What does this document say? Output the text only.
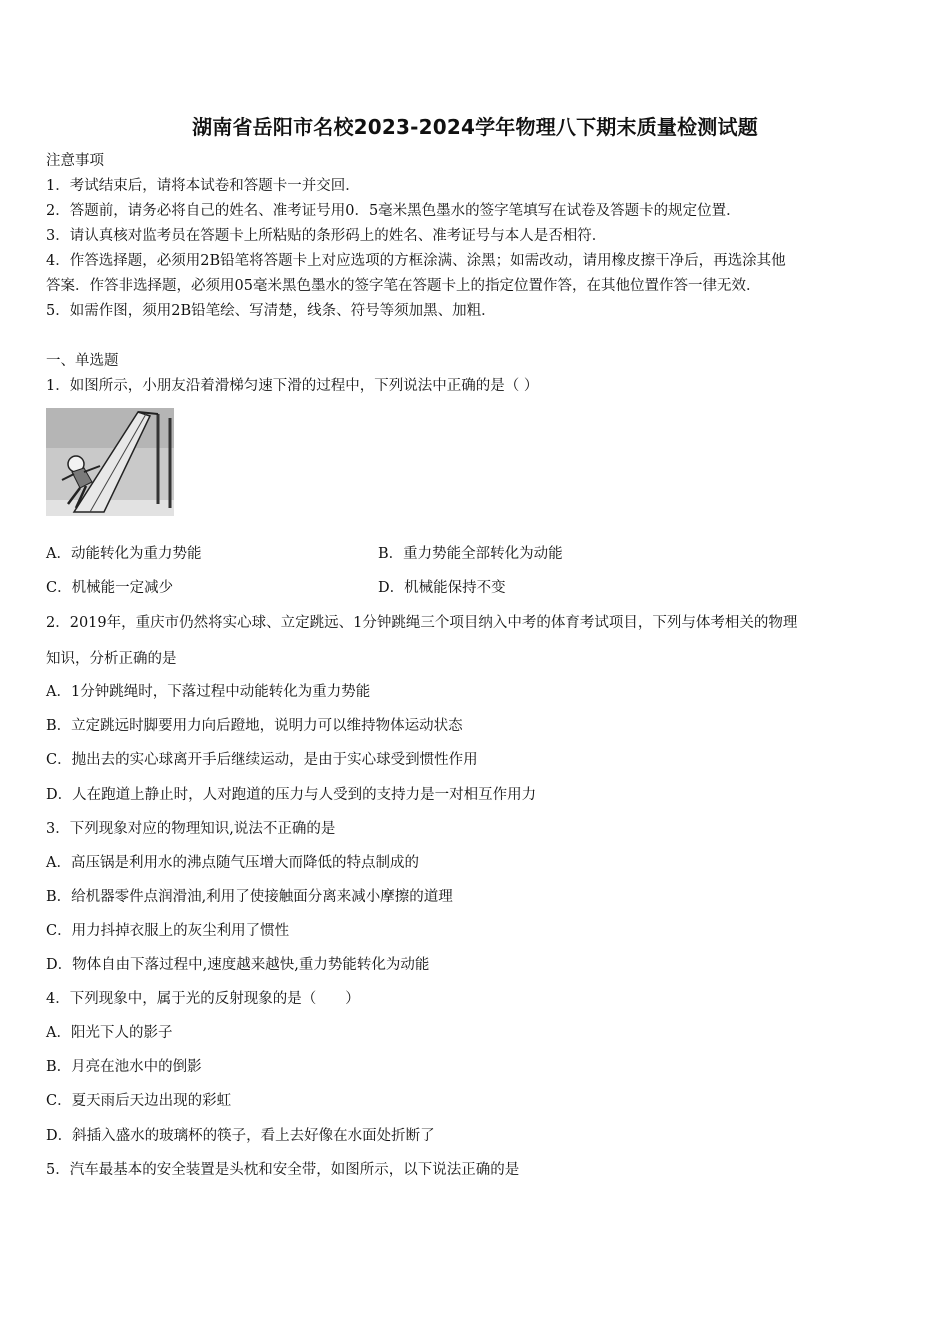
湖南省岳阳市名校2023-2024学年物理八下期末质量检测试题
注意事项
1．考试结束后，请将本试卷和答题卡一并交回．
2．答题前，请务必将自己的姓名、准考证号用0．5毫米黑色墨水的签字笔填写在试卷及答题卡的规定位置．
3．请认真核对监考员在答题卡上所粘贴的条形码上的姓名、准考证号与本人是否相符．
4．作答选择题，必须用2B铅笔将答题卡上对应选项的方框涂满、涂黑；如需改动，请用橡皮擦干净后，再选涂其他
答案．作答非选择题，必须用05毫米黑色墨水的签字笔在答题卡上的指定位置作答，在其他位置作答一律无效．
5．如需作图，须用2B铅笔绘、写清楚，线条、符号等须加黑、加粗．
一、单选题
1．如图所示，小朋友沿着滑梯匀速下滑的过程中，下列说法中正确的是（ ）
A．动能转化为重力势能	B．重力势能全部转化为动能
C．机械能一定减少	D．机械能保持不变
2．2019年，重庆市仍然将实心球、立定跳远、1分钟跳绳三个项目纳入中考的体育考试项目，下列与体考相关的物理
知识，分析正确的是
A．1分钟跳绳时，下落过程中动能转化为重力势能
B．立定跳远时脚要用力向后蹬地，说明力可以维持物体运动状态
C．抛出去的实心球离开手后继续运动，是由于实心球受到惯性作用
D．人在跑道上静止时，人对跑道的压力与人受到的支持力是一对相互作用力
3．下列现象对应的物理知识,说法不正确的是
A．高压锅是利用水的沸点随气压增大而降低的特点制成的
B．给机器零件点润滑油,利用了使接触面分离来减小摩擦的道理
C．用力抖掉衣服上的灰尘利用了惯性
D．物体自由下落过程中,速度越来越快,重力势能转化为动能
4．下列现象中，属于光的反射现象的是（　　）
A．阳光下人的影子
B．月亮在池水中的倒影
C．夏天雨后天边出现的彩虹
D．斜插入盛水的玻璃杯的筷子，看上去好像在水面处折断了
5．汽车最基本的安全装置是头枕和安全带，如图所示，以下说法正确的是
